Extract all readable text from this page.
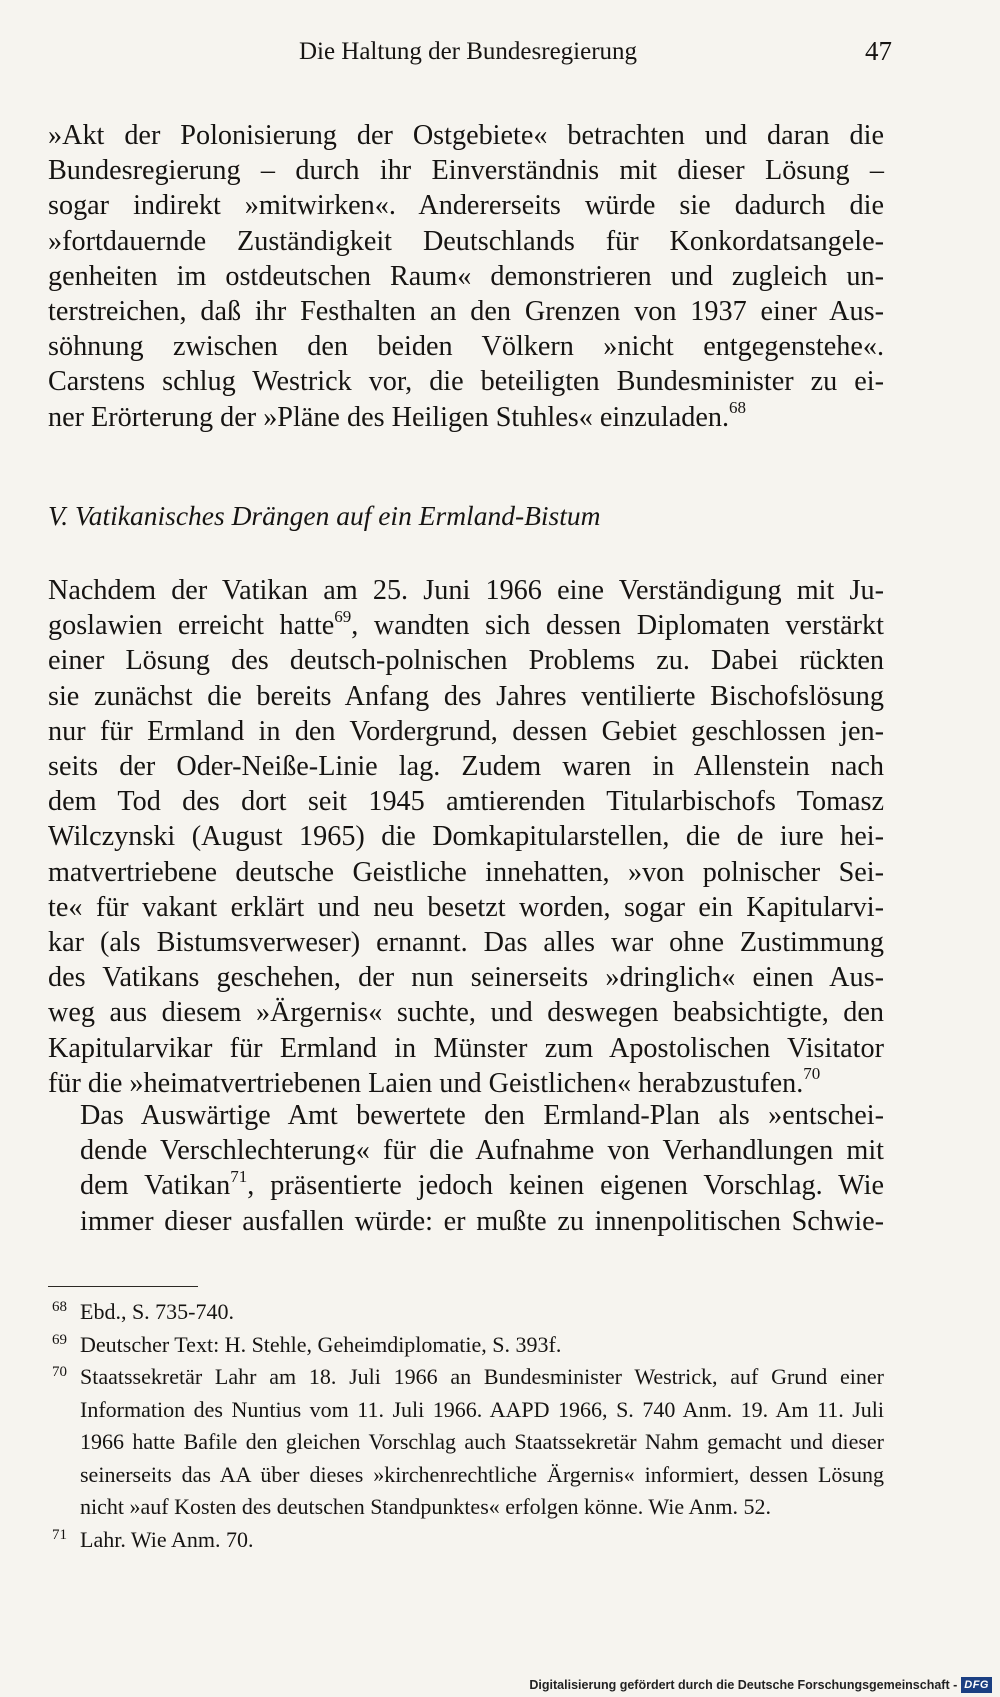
Die Haltung der Bundesregierung	47
»Akt der Polonisierung der Ostgebiete« betrachten und daran die
Bundesregierung – durch ihr Einverständnis mit dieser Lösung –
sogar indirekt »mitwirken«. Andererseits würde sie dadurch die
»fortdauernde Zuständigkeit Deutschlands für Konkordatsangele-
genheiten im ostdeutschen Raum« demonstrieren und zugleich un-
terstreichen, daß ihr Festhalten an den Grenzen von 1937 einer Aus-
söhnung zwischen den beiden Völkern »nicht entgegenstehe«.
Carstens schlug Westrick vor, die beteiligten Bundesminister zu ei-
ner Erörterung der »Pläne des Heiligen Stuhles« einzuladen.$^{68}$
V. Vatikanisches Drängen auf ein Ermland-Bistum
Nachdem der Vatikan am 25. Juni 1966 eine Verständigung mit Ju-
goslawien erreicht hatte$^{69}$, wandten sich dessen Diplomaten verstärkt
einer Lösung des deutsch-polnischen Problems zu. Dabei rückten
sie zunächst die bereits Anfang des Jahres ventilierte Bischofslösung
nur für Ermland in den Vordergrund, dessen Gebiet geschlossen jen-
seits der Oder-Neiße-Linie lag. Zudem waren in Allenstein nach
dem Tod des dort seit 1945 amtierenden Titularbischofs Tomasz
Wilczynski (August 1965) die Domkapitularstellen, die de iure hei-
matvertriebene deutsche Geistliche innehatten, »von polnischer Sei-
te« für vakant erklärt und neu besetzt worden, sogar ein Kapitularvi-
kar (als Bistumsverweser) ernannt. Das alles war ohne Zustimmung
des Vatikans geschehen, der nun seinerseits »dringlich« einen Aus-
weg aus diesem »Ärgernis« suchte, und deswegen beabsichtigte, den
Kapitularvikar für Ermland in Münster zum Apostolischen Visitator
für die »heimatvertriebenen Laien und Geistlichen« herabzustufen.$^{70}$
Das Auswärtige Amt bewertete den Ermland-Plan als »entschei-
dende Verschlechterung« für die Aufnahme von Verhandlungen mit
dem Vatikan$^{71}$, präsentierte jedoch keinen eigenen Vorschlag. Wie
immer dieser ausfallen würde: er mußte zu innenpolitischen Schwie-
68 Ebd., S. 735-740.
69 Deutscher Text: H. Stehle, Geheimdiplomatie, S. 393f.
70 Staatssekretär Lahr am 18. Juli 1966 an Bundesminister Westrick, auf Grund einer Information des Nuntius vom 11. Juli 1966. AAPD 1966, S. 740 Anm. 19. Am 11. Juli 1966 hatte Bafile den gleichen Vorschlag auch Staatssekretär Nahm gemacht und dieser seinerseits das AA über dieses »kirchenrechtliche Ärgernis« informiert, dessen Lösung nicht »auf Kosten des deutschen Standpunktes« erfolgen könne. Wie Anm. 52.
71 Lahr. Wie Anm. 70.
Digitalisierung gefördert durch die Deutsche Forschungsgemeinschaft - DFG
